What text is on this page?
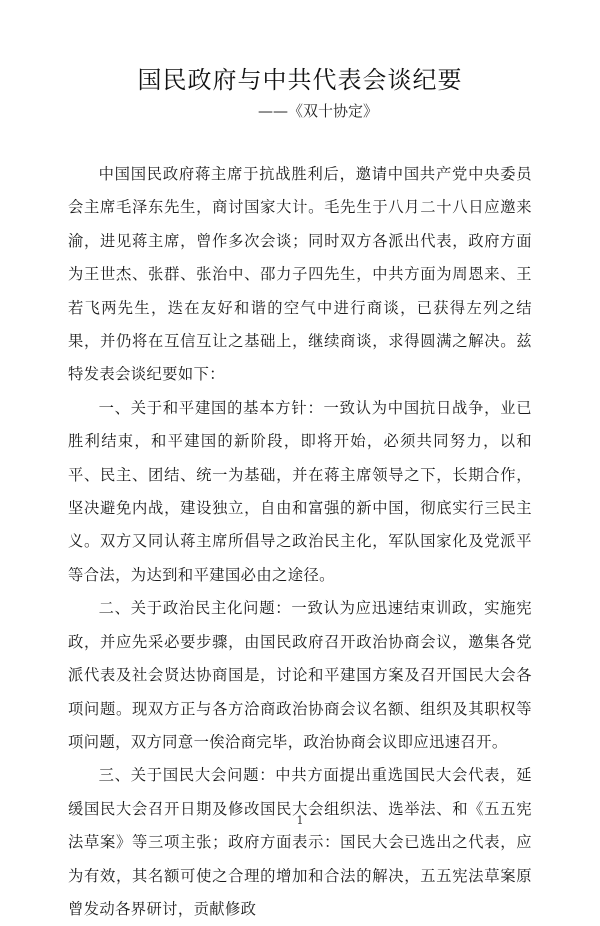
国民政府与中共代表会谈纪要
——《双十协定》

中国国民政府蒋主席于抗战胜利后，邀请中国共产党中央委员会主席毛泽东先生，商讨国家大计。毛先生于八月二十八日应邀来渝，进见蒋主席，曾作多次会谈；同时双方各派出代表，政府方面为王世杰、张群、张治中、邵力子四先生，中共方面为周恩来、王若飞两先生，迭在友好和谐的空气中进行商谈，已获得左列之结果，并仍将在互信互让之基础上，继续商谈，求得圆满之解决。兹特发表会谈纪要如下：

一、关于和平建国的基本方针：一致认为中国抗日战争，业已胜利结束，和平建国的新阶段，即将开始，必须共同努力，以和平、民主、团结、统一为基础，并在蒋主席领导之下，长期合作，坚决避免内战，建设独立，自由和富强的新中国，彻底实行三民主义。双方又同认蒋主席所倡导之政治民主化，军队国家化及党派平等合法，为达到和平建国必由之途径。

二、关于政治民主化问题：一致认为应迅速结束训政，实施宪政，并应先采必要步骤，由国民政府召开政治协商会议，邀集各党派代表及社会贤达协商国是，讨论和平建国方案及召开国民大会各项问题。现双方正与各方洽商政治协商会议名额、组织及其职权等项问题，双方同意一俟洽商完毕，政治协商会议即应迅速召开。

三、关于国民大会问题：中共方面提出重选国民大会代表，延缓国民大会召开日期及修改国民大会组织法、选举法、和《五五宪法草案》等三项主张；政府方面表示：国民大会已选出之代表，应为有效，其名额可使之合理的增加和合法的解决，五五宪法草案原曾发动各界研讨，贡献修政

1
